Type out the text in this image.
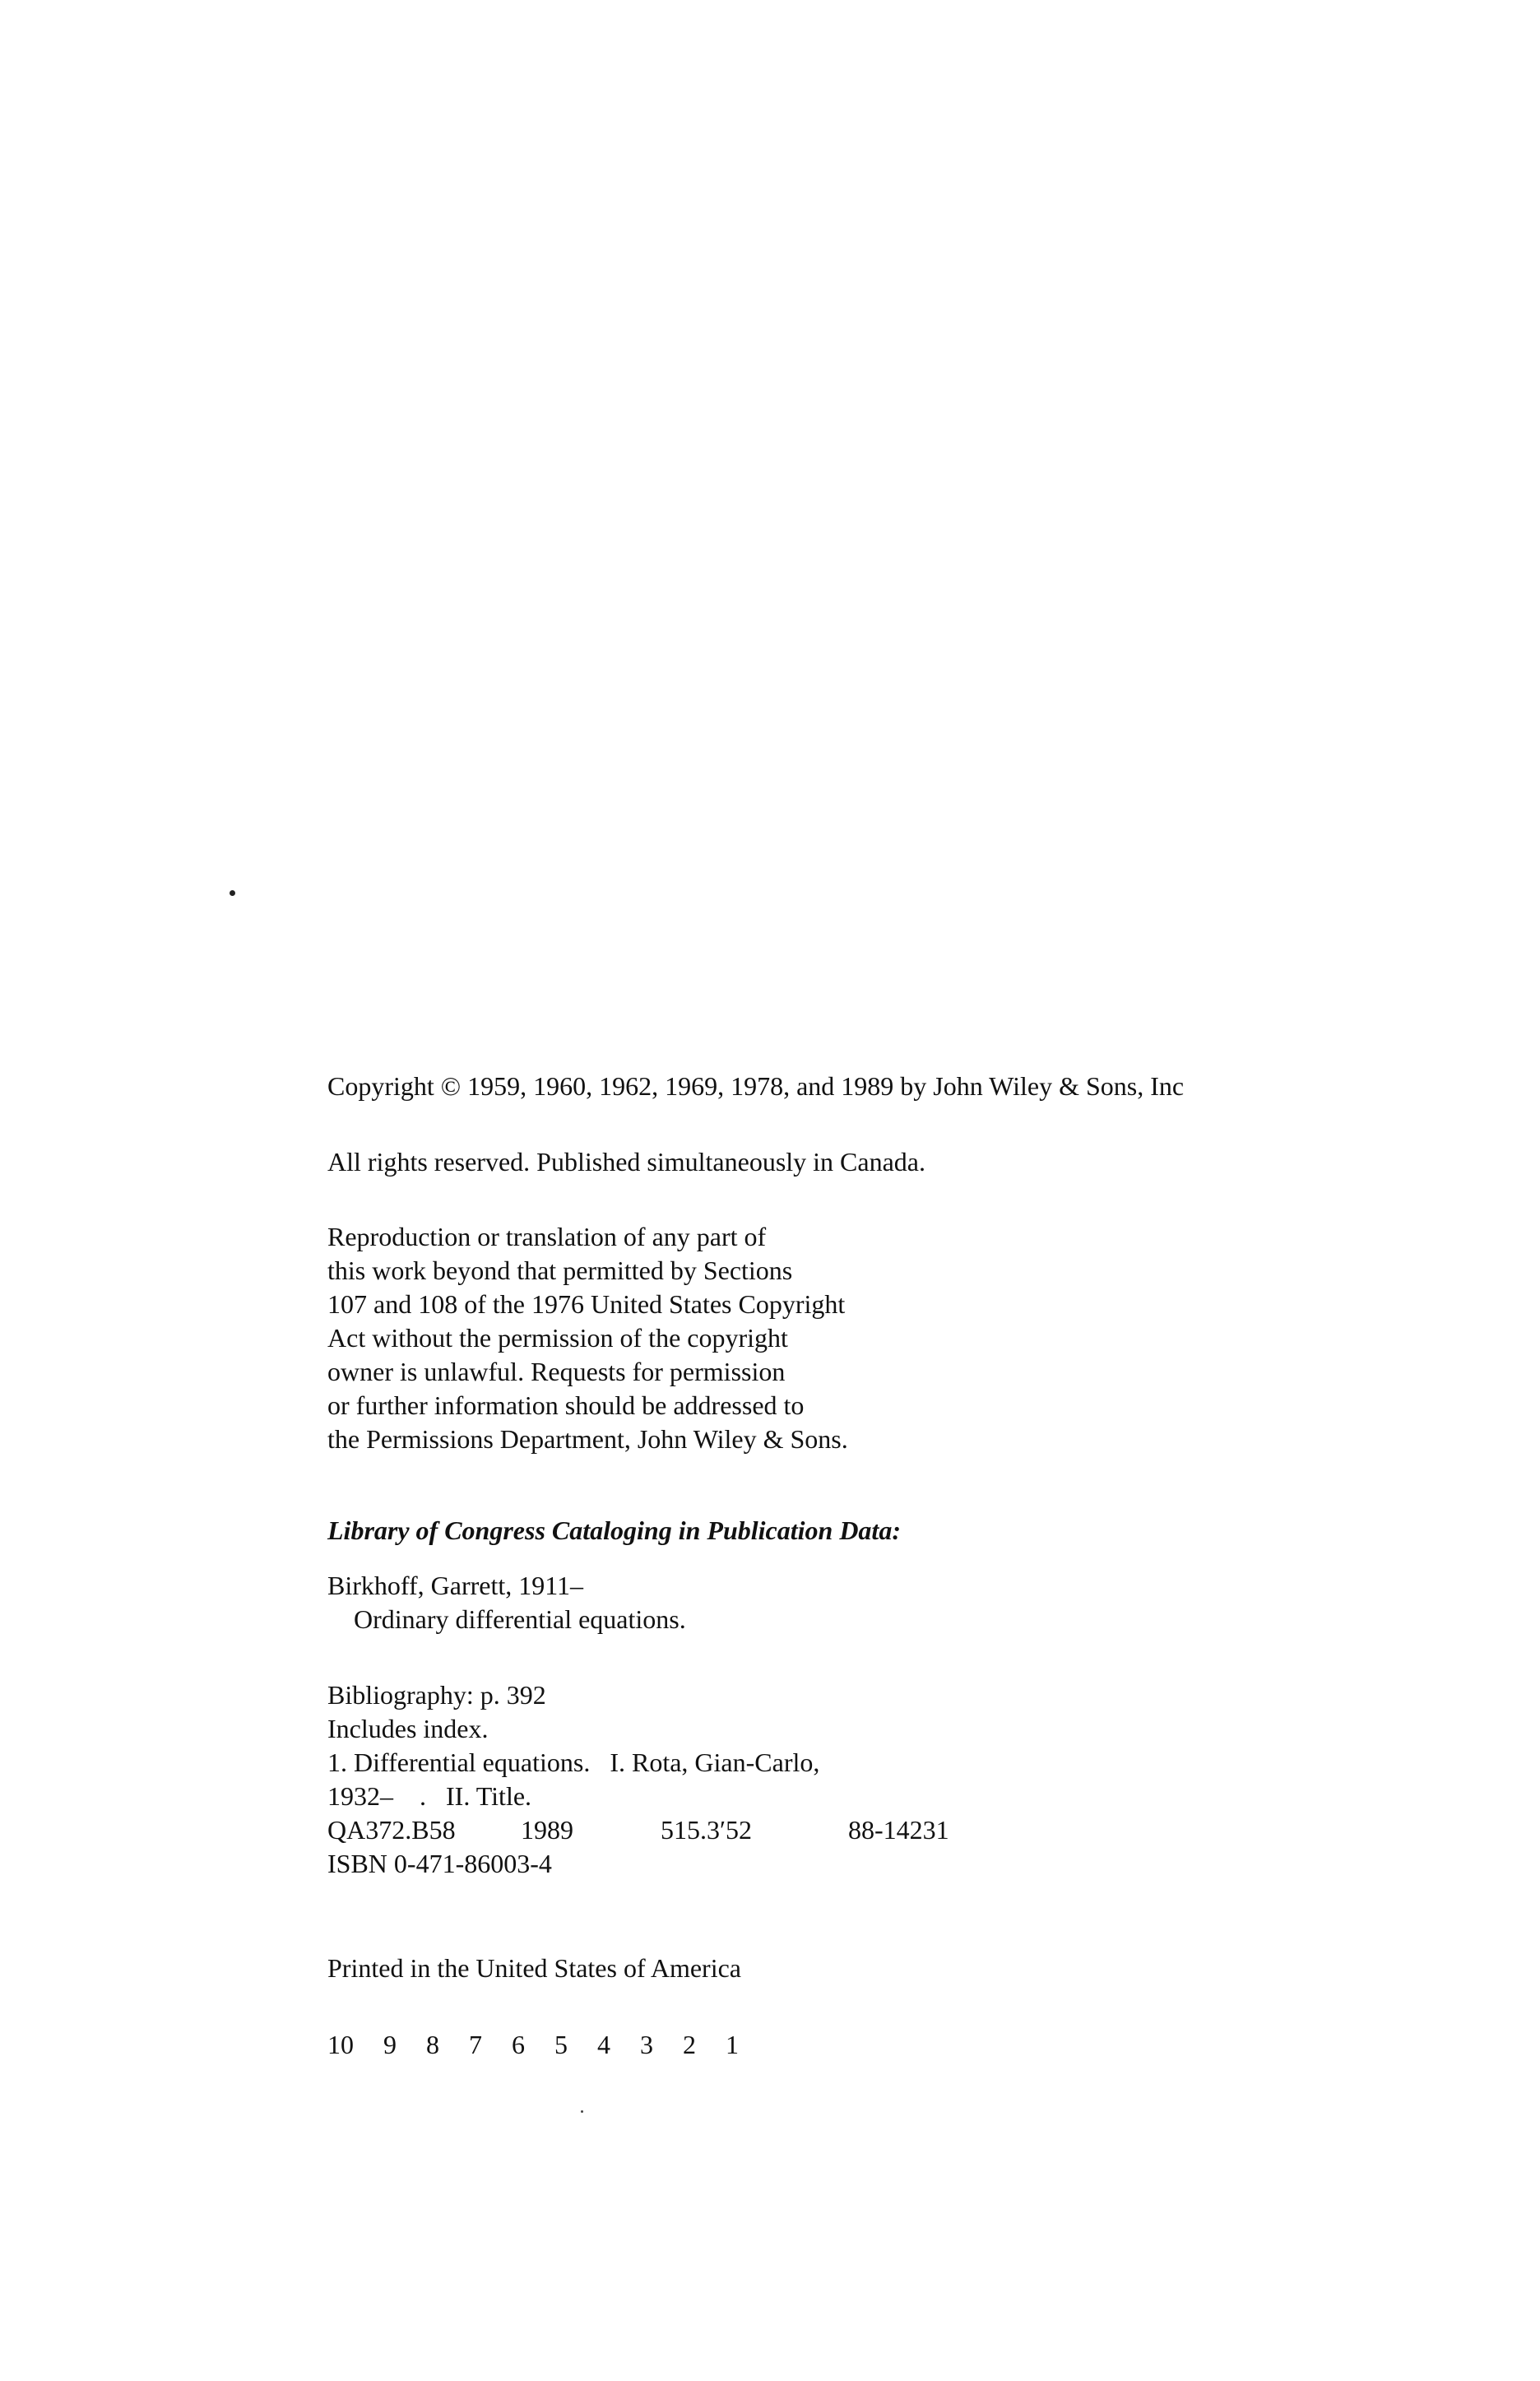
Copyright © 1959, 1960, 1962, 1969, 1978, and 1989 by John Wiley & Sons, Inc
All rights reserved. Published simultaneously in Canada.
Reproduction or translation of any part of
this work beyond that permitted by Sections
107 and 108 of the 1976 United States Copyright
Act without the permission of the copyright
owner is unlawful. Requests for permission
or further information should be addressed to
the Permissions Department, John Wiley & Sons.
Library of Congress Cataloging in Publication Data:
Birkhoff, Garrett, 1911–
Ordinary differential equations.
Bibliography: p. 392
Includes index.
1. Differential equations.   I. Rota, Gian-Carlo,
1932–    .   II. Title.
QA372.B58	1989	515.3′52	88-14231
ISBN 0-471-86003-4
Printed in the United States of America
10 9 8 7 6 5 4 3 2 1
